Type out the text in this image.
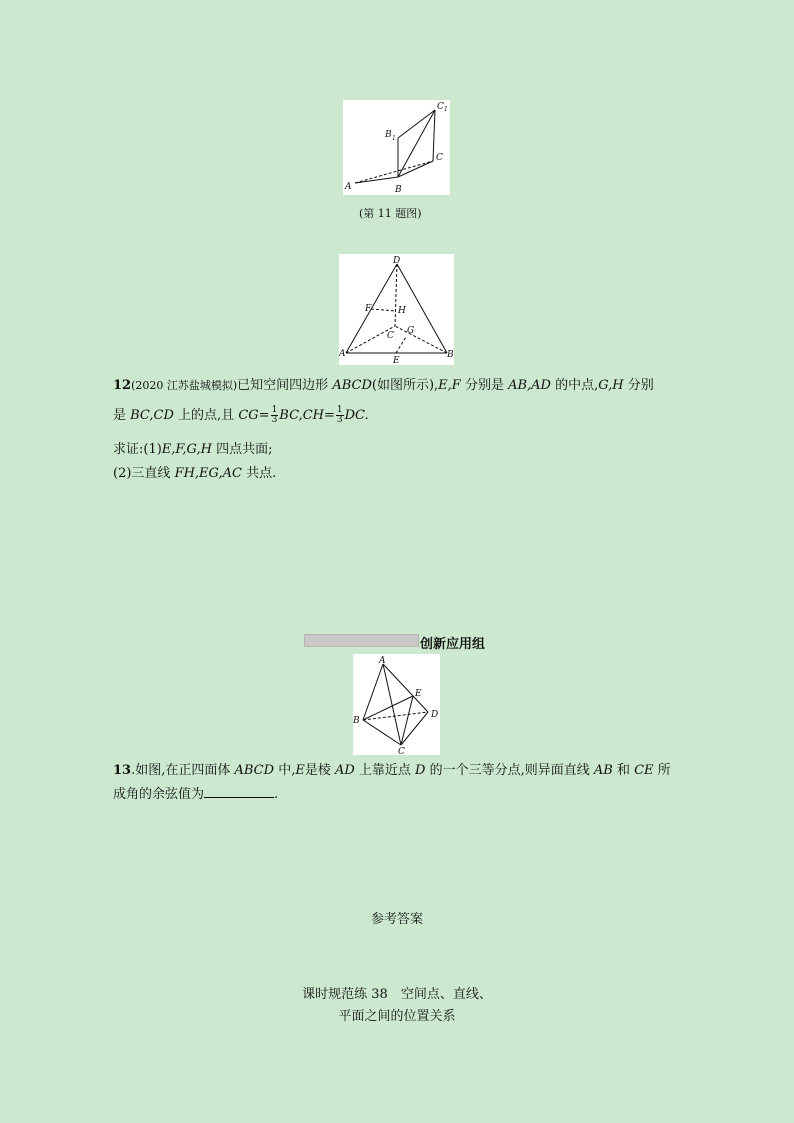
A	B
C
B 1
C 1
(第 11 题图)
D
F	H
C G
A
E
B
12(2020 江苏盐城模拟)已知空间四边形 ABCD(如图所示),E,F 分别是 AB,AD 的中点,G,H 分别
是 BC,CD 上的点,且 $CG= \frac{1}{3} BC,CH= \frac{1}{3}$ DC.
求证:(1)E,F,G,H 四点共面;
(2)三直线 FH,EG,AC 共点.
创新应用组
A
E
D
B
C
13.如图,在正四面体 ABCD 中,E是棱 AD 上靠近点 D 的一个三等分点,则异面直线 AB 和 CE 所
成角的余弦值为	.
参考答案
课时规范练 38　空间点、直线、
平面之间的位置关系
